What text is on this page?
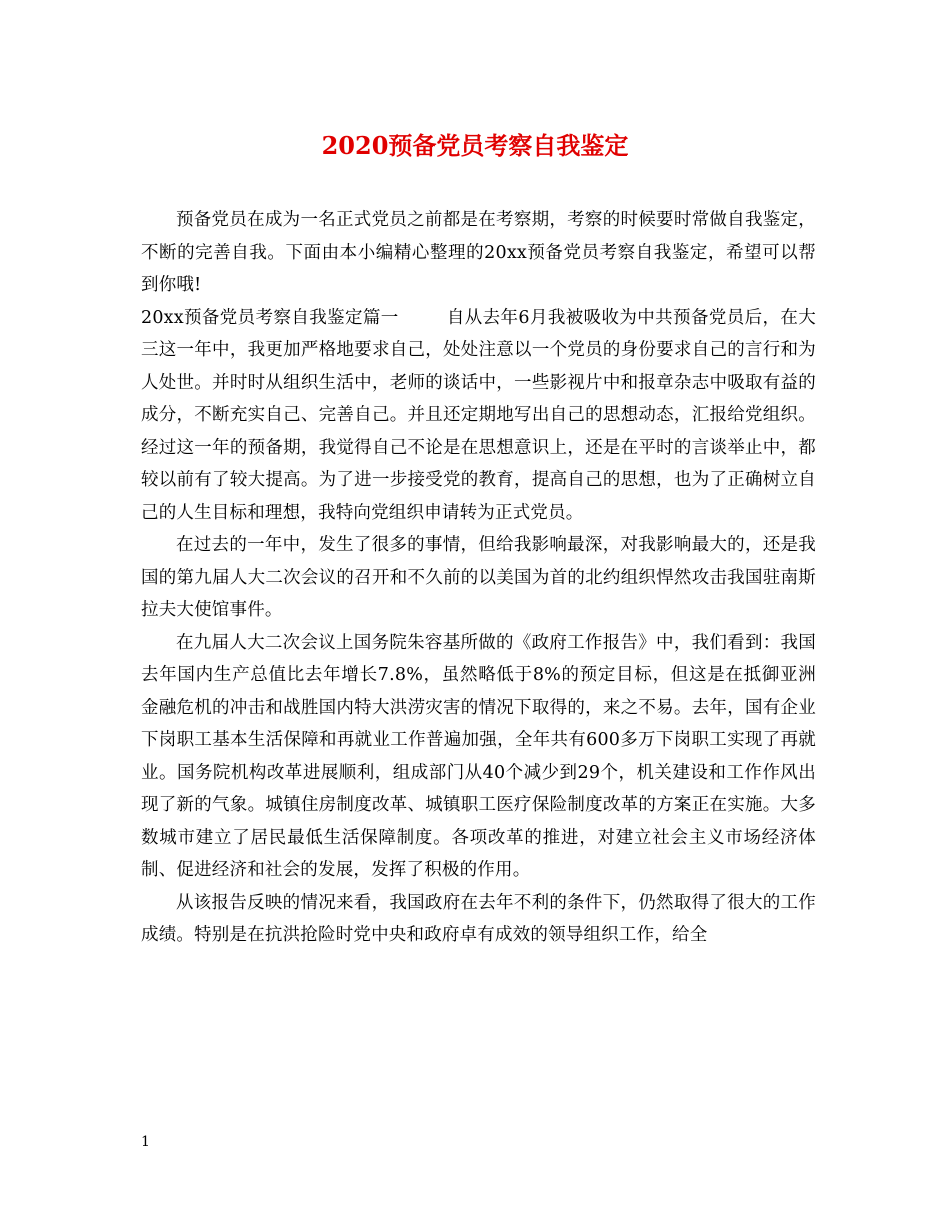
2020预备党员考察自我鉴定

预备党员在成为一名正式党员之前都是在考察期，考察的时候要时常做自我鉴定，不断的完善自我。下面由本小编精心整理的20xx预备党员考察自我鉴定，希望可以帮到你哦!

20xx预备党员考察自我鉴定篇一	自从去年6月我被吸收为中共预备党员后，在大三这一年中，我更加严格地要求自己，处处注意以一个党员的身份要求自己的言行和为人处世。并时时从组织生活中，老师的谈话中，一些影视片中和报章杂志中吸取有益的成分，不断充实自己、完善自己。并且还定期地写出自己的思想动态，汇报给党组织。经过这一年的预备期，我觉得自己不论是在思想意识上，还是在平时的言谈举止中，都较以前有了较大提高。为了进一步接受党的教育，提高自己的思想，也为了正确树立自己的人生目标和理想，我特向党组织申请转为正式党员。

在过去的一年中，发生了很多的事情，但给我影响最深，对我影响最大的，还是我国的第九届人大二次会议的召开和不久前的以美国为首的北约组织悍然攻击我国驻南斯拉夫大使馆事件。

在九届人大二次会议上国务院朱容基所做的《政府工作报告》中，我们看到：我国去年国内生产总值比去年增长7.8%，虽然略低于8%的预定目标，但这是在抵御亚洲金融危机的冲击和战胜国内特大洪涝灾害的情况下取得的，来之不易。去年，国有企业下岗职工基本生活保障和再就业工作普遍加强，全年共有600多万下岗职工实现了再就业。国务院机构改革进展顺利，组成部门从40个减少到29个，机关建设和工作作风出现了新的气象。城镇住房制度改革、城镇职工医疗保险制度改革的方案正在实施。大多数城市建立了居民最低生活保障制度。各项改革的推进，对建立社会主义市场经济体制、促进经济和社会的发展，发挥了积极的作用。

从该报告反映的情况来看，我国政府在去年不利的条件下，仍然取得了很大的工作成绩。特别是在抗洪抢险时党中央和政府卓有成效的领导组织工作，给全

1
